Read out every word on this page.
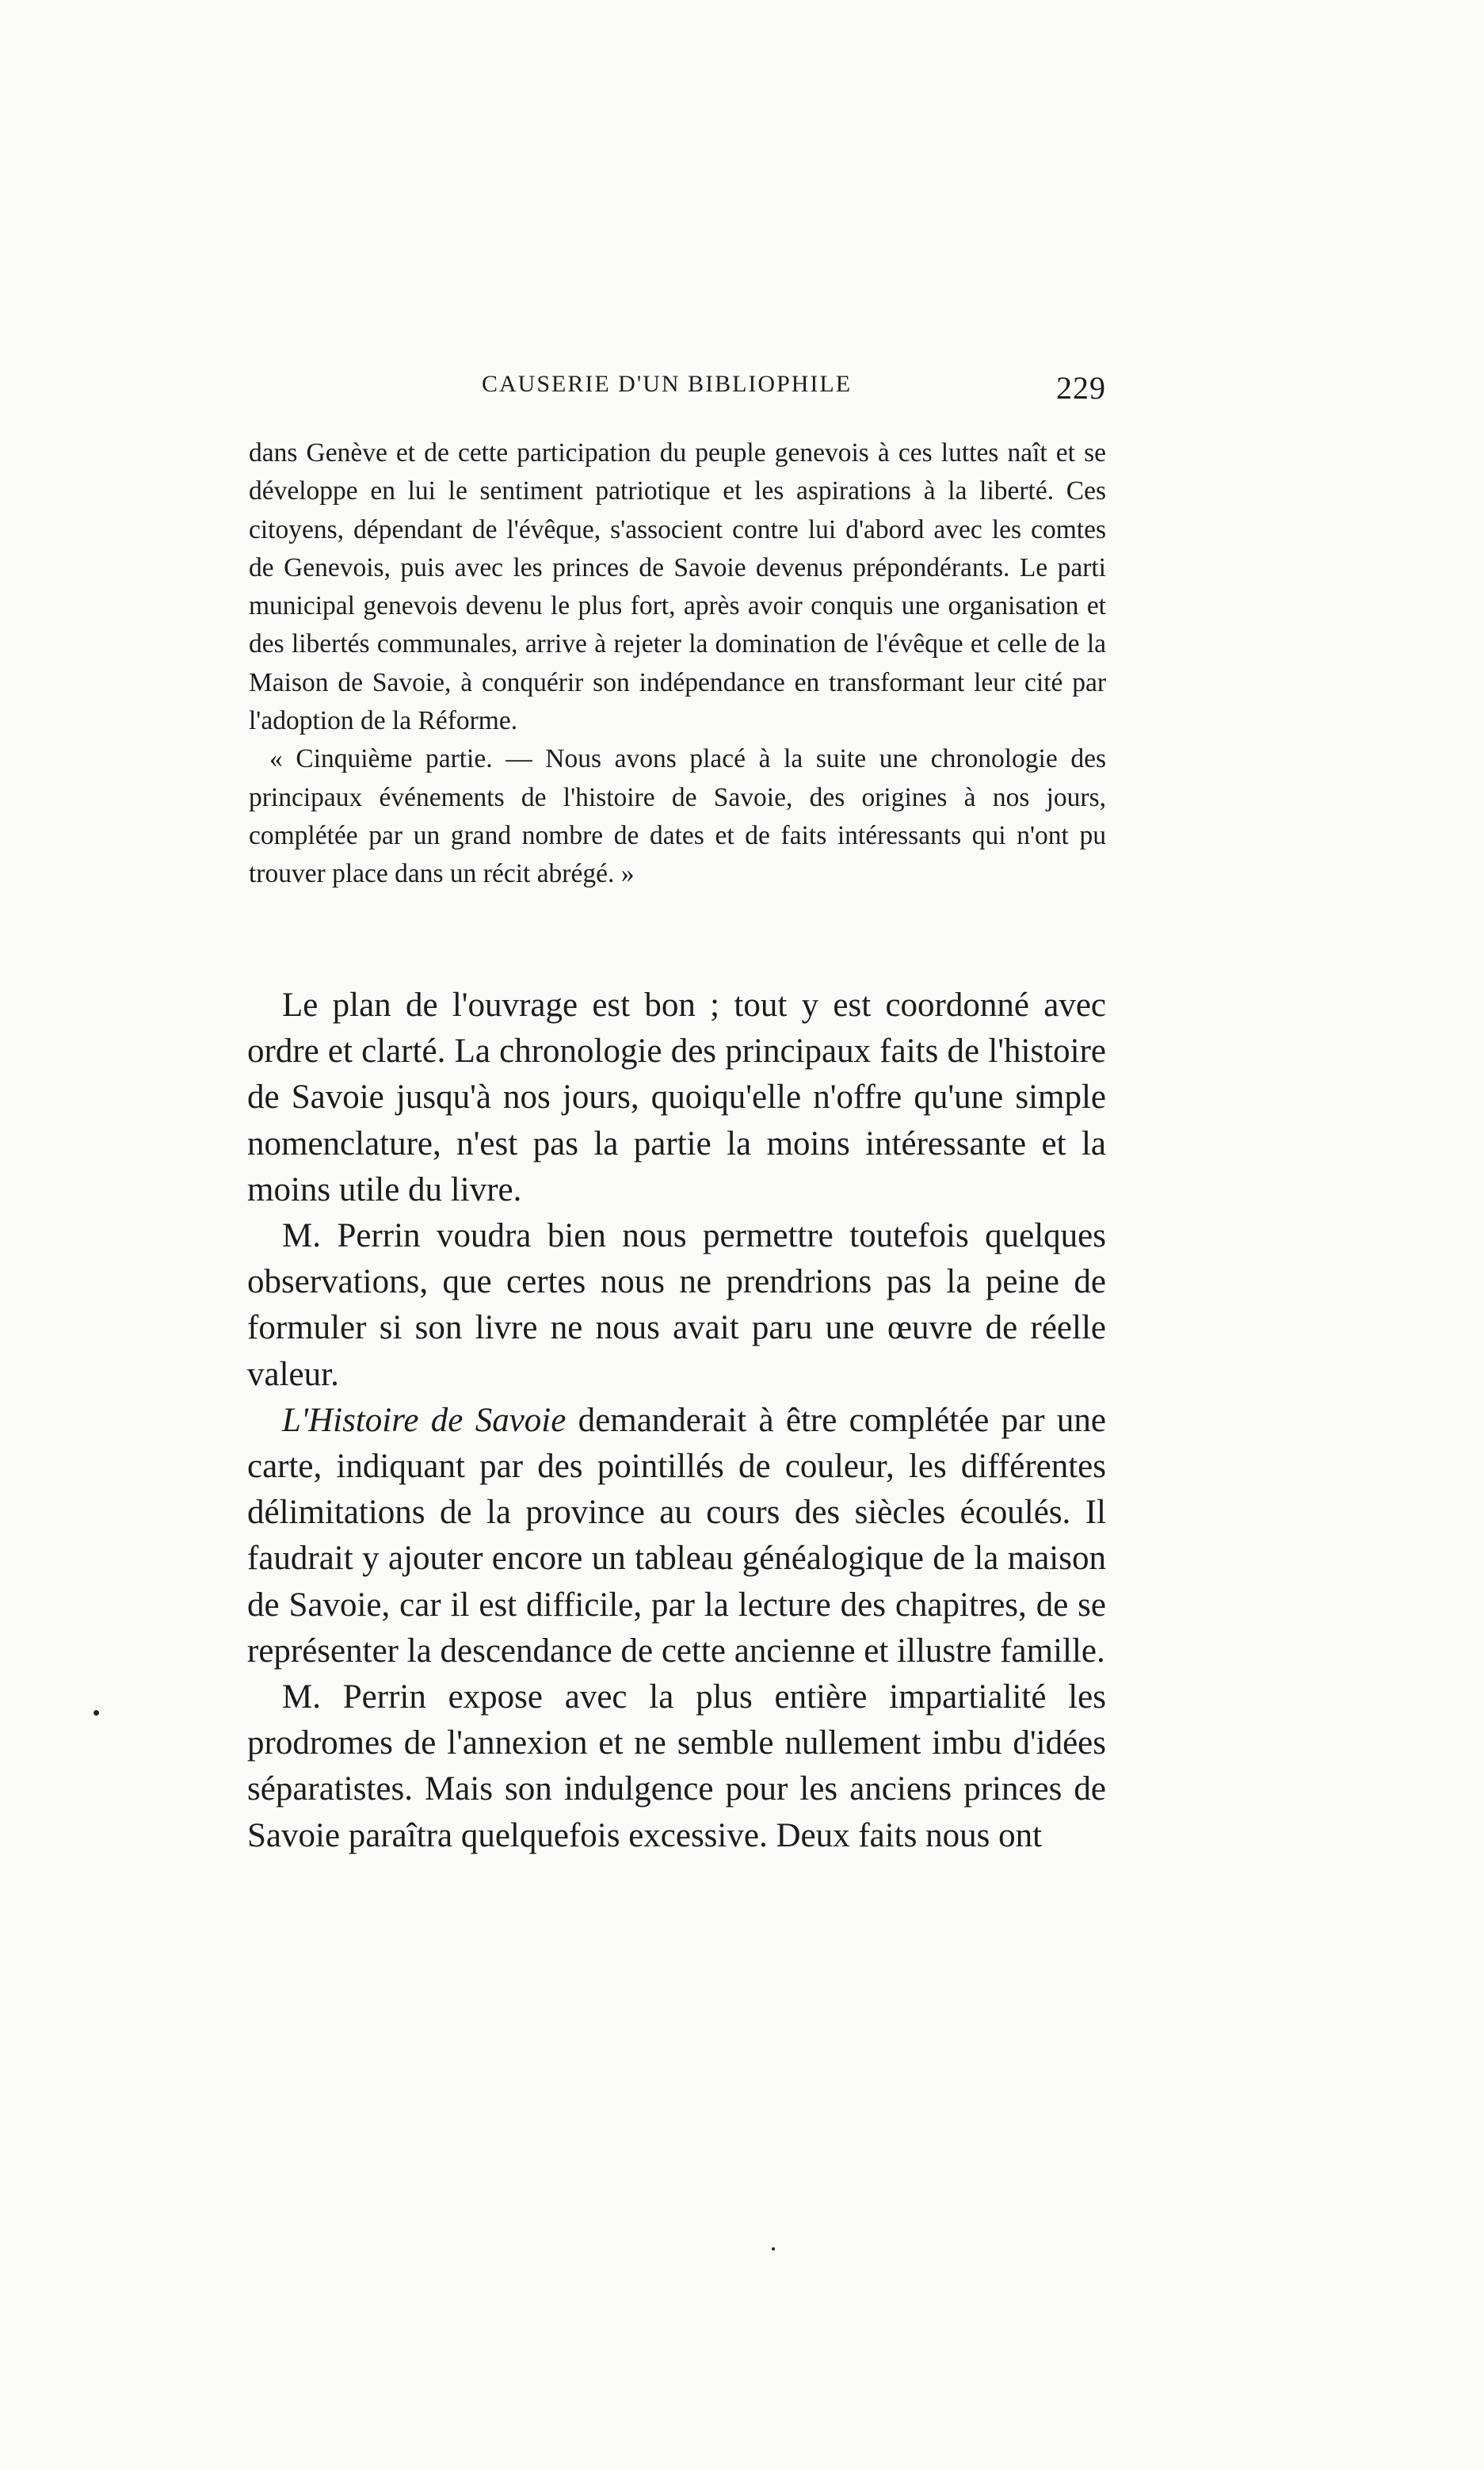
CAUSERIE D'UN BIBLIOPHILE	229

dans Genève et de cette participation du peuple genevois à ces luttes naît et se développe en lui le sentiment patriotique et les aspirations à la liberté. Ces citoyens, dépendant de l'évêque, s'associent contre lui d'abord avec les comtes de Genevois, puis avec les princes de Savoie devenus prépondérants. Le parti municipal genevois devenu le plus fort, après avoir conquis une organisation et des libertés communales, arrive à rejeter la domination de l'évêque et celle de la Maison de Savoie, à conquérir son indépendance en transformant leur cité par l'adoption de la Réforme.

« Cinquième partie. — Nous avons placé à la suite une chronologie des principaux événements de l'histoire de Savoie, des origines à nos jours, complétée par un grand nombre de dates et de faits intéressants qui n'ont pu trouver place dans un récit abrégé. »

Le plan de l'ouvrage est bon ; tout y est coordonné avec ordre et clarté. La chronologie des principaux faits de l'histoire de Savoie jusqu'à nos jours, quoiqu'elle n'offre qu'une simple nomenclature, n'est pas la partie la moins intéressante et la moins utile du livre.

M. Perrin voudra bien nous permettre toutefois quelques observations, que certes nous ne prendrions pas la peine de formuler si son livre ne nous avait paru une œuvre de réelle valeur.

L'Histoire de Savoie demanderait à être complétée par une carte, indiquant par des pointillés de couleur, les différentes délimitations de la province au cours des siècles écoulés. Il faudrait y ajouter encore un tableau généalogique de la maison de Savoie, car il est difficile, par la lecture des chapitres, de se représenter la descendance de cette ancienne et illustre famille.

M. Perrin expose avec la plus entière impartialité les prodromes de l'annexion et ne semble nullement imbu d'idées séparatistes. Mais son indulgence pour les anciens princes de Savoie paraîtra quelquefois excessive. Deux faits nous ont
